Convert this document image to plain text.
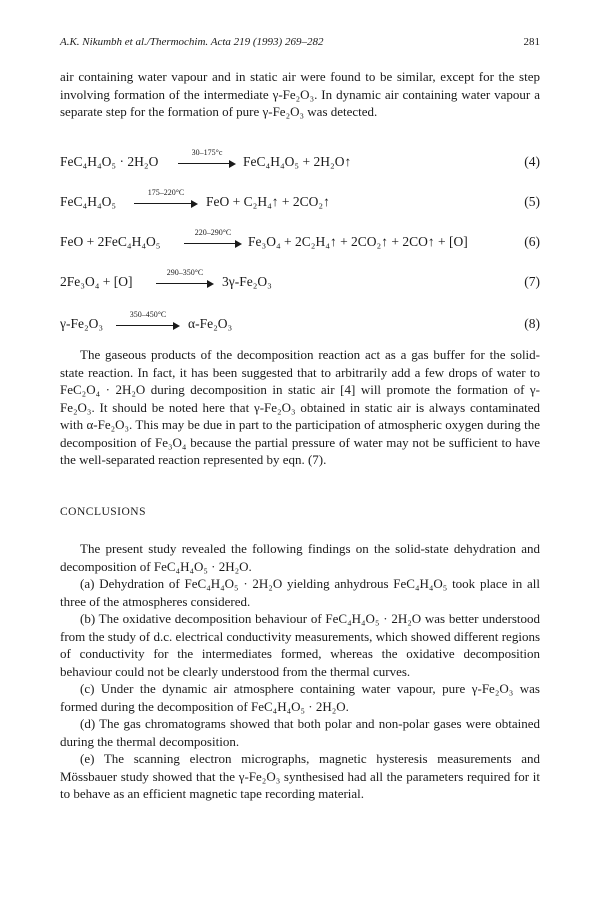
A.K. Nikumbh et al./Thermochim. Acta 219 (1993) 269–282	281

air containing water vapour and in static air were found to be similar, except for the step involving formation of the intermediate γ-Fe₂O₃. In dynamic air containing water vapour a separate step for the formation of pure γ-Fe₂O₃ was detected.

FeC₄H₄O₅ · 2H₂O
30–175°c
FeC₄H₄O₅ + 2H₂O↑	(4)
FeC₄H₄O₅
175–220°C
FeO + C₂H₄↑ + 2CO₂↑	(5)
FeO + 2FeC₄H₄O₅
220–290°C
Fe₃O₄ + 2C₂H₄↑ + 2CO₂↑ + 2CO↑ + [O]	(6)
2Fe₃O₄ + [O]
290–350°C
3γ-Fe₂O₃	(7)
γ-Fe₂O₃
350–450°C
α-Fe₂O₃	(8)

The gaseous products of the decomposition reaction act as a gas buffer for the solid-state reaction. In fact, it has been suggested that to arbitrarily add a few drops of water to FeC₂O₄ · 2H₂O during decomposition in static air [4] will promote the formation of γ-Fe₂O₃. It should be noted here that γ-Fe₂O₃ obtained in static air is always contaminated with α-Fe₂O₃. This may be due in part to the participation of atmospheric oxygen during the decomposition of Fe₃O₄ because the partial pressure of water may not be sufficient to have the well-separated reaction represented by eqn. (7).

CONCLUSIONS

The present study revealed the following findings on the solid-state dehydration and decomposition of FeC₄H₄O₅ · 2H₂O.

(a) Dehydration of FeC₄H₄O₅ · 2H₂O yielding anhydrous FeC₄H₄O₅ took place in all three of the atmospheres considered.

(b) The oxidative decomposition behaviour of FeC₄H₄O₅ · 2H₂O was better understood from the study of d.c. electrical conductivity measurements, which showed different regions of conductivity for the intermediates formed, whereas the oxidative decomposition behaviour could not be clearly understood from the thermal curves.

(c) Under the dynamic air atmosphere containing water vapour, pure γ-Fe₂O₃ was formed during the decomposition of FeC₄H₄O₅ · 2H₂O.

(d) The gas chromatograms showed that both polar and non-polar gases were obtained during the thermal decomposition.

(e) The scanning electron micrographs, magnetic hysteresis measurements and Mössbauer study showed that the γ-Fe₂O₃ synthesised had all the parameters required for it to behave as an efficient magnetic tape recording material.
